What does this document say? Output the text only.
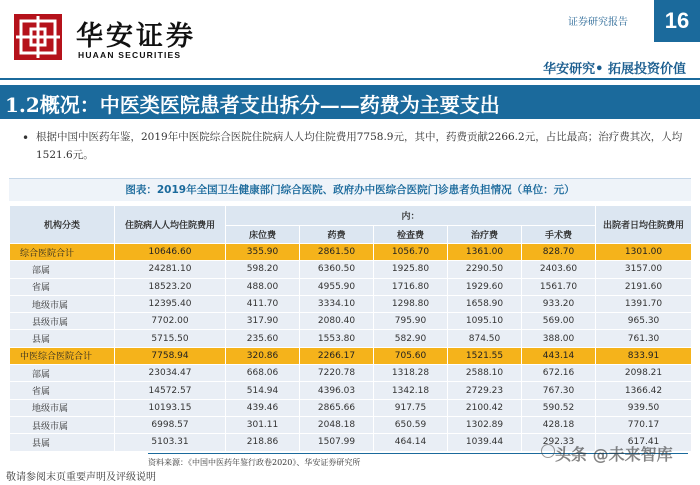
华安证券
HUAAN SECURITIES
证券研究报告	16
华安研究• 拓展投资价值
1.2概况：中医类医院患者支出拆分——药费为主要支出
• 根据中国中医药年鉴，2019年中医院综合医院住院病人人均住院费用7758.9元，其中，药费贡献2266.2元，占比最高；治疗费其次，人均1521.6元。
图表：2019年全国卫生健康部门综合医院、政府办中医综合医院门诊患者负担情况（单位：元）
机构分类	住院病人人均住院费用	内：					出院者日均住院费用
		床位费	药费	检查费	治疗费	手术费	
综合医院合计	10646.60	355.90	2861.50	1056.70	1361.00	828.70	1301.00
部属	24281.10	598.20	6360.50	1925.80	2290.50	2403.60	3157.00
省属	18523.20	488.00	4955.90	1716.80	1929.60	1561.70	2191.60
地级市属	12395.40	411.70	3334.10	1298.80	1658.90	933.20	1391.70
县级市属	7702.00	317.90	2080.40	795.90	1095.10	569.00	965.30
县属	5715.50	235.60	1553.80	582.90	874.50	388.00	761.30
中医综合医院合计	7758.94	320.86	2266.17	705.60	1521.55	443.14	833.91
部属	23034.47	668.06	7220.78	1318.28	2588.10	672.16	2098.21
省属	14572.57	514.94	4396.03	1342.18	2729.23	767.30	1366.42
地级市属	10193.15	439.46	2865.66	917.75	2100.42	590.52	939.50
县级市属	6998.57	301.11	2048.18	650.59	1302.89	428.18	770.17
县属	5103.31	218.86	1507.99	464.14	1039.44	292.33	617.41
资料来源：《中国中医药年鉴行政卷2020》、华安证券研究所
敬请参阅末页重要声明及评级说明
头条 @未来智库
